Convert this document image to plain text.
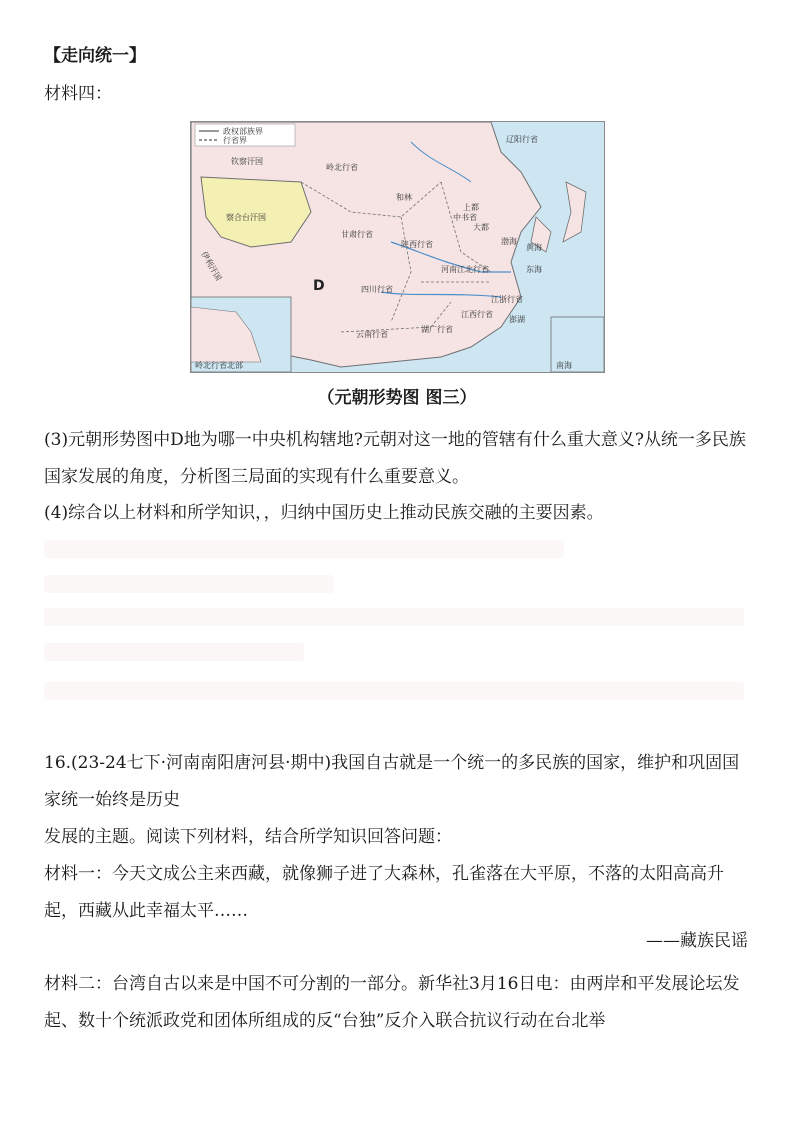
【走向统一】
材料四：
政权部族界
行省界
钦察汗国
察合台汗国
伊利汗国
岭北行省
和林
辽阳行省
中书省
上都
大都
甘肃行省
陕西行省
河南江北行省
四川行省
江浙行省
江西行省
湖广行省
云南行省
澎湖
D
东海
渤海
黄海
岭北行省北部	南海
（元朝形势图 图三）
(3)元朝形势图中D地为哪一中央机构辖地?元朝对这一地的管辖有什么重大意义?从统一多民族国家发展的角度，分析图三局面的实现有什么重要意义。
(4)综合以上材料和所学知识，，归纳中国历史上推动民族交融的主要因素。
16.(23-24七下·河南南阳唐河县·期中)我国自古就是一个统一的多民族的国家，维护和巩固国家统一始终是历史
发展的主题。阅读下列材料，结合所学知识回答问题：
材料一：今天文成公主来西藏，就像狮子进了大森林，孔雀落在大平原，不落的太阳高高升起，西藏从此幸福太平……
——藏族民谣
材料二：台湾自古以来是中国不可分割的一部分。新华社3月16日电：由两岸和平发展论坛发起、数十个统派政党和团体所组成的反“台独”反介入联合抗议行动在台北举
